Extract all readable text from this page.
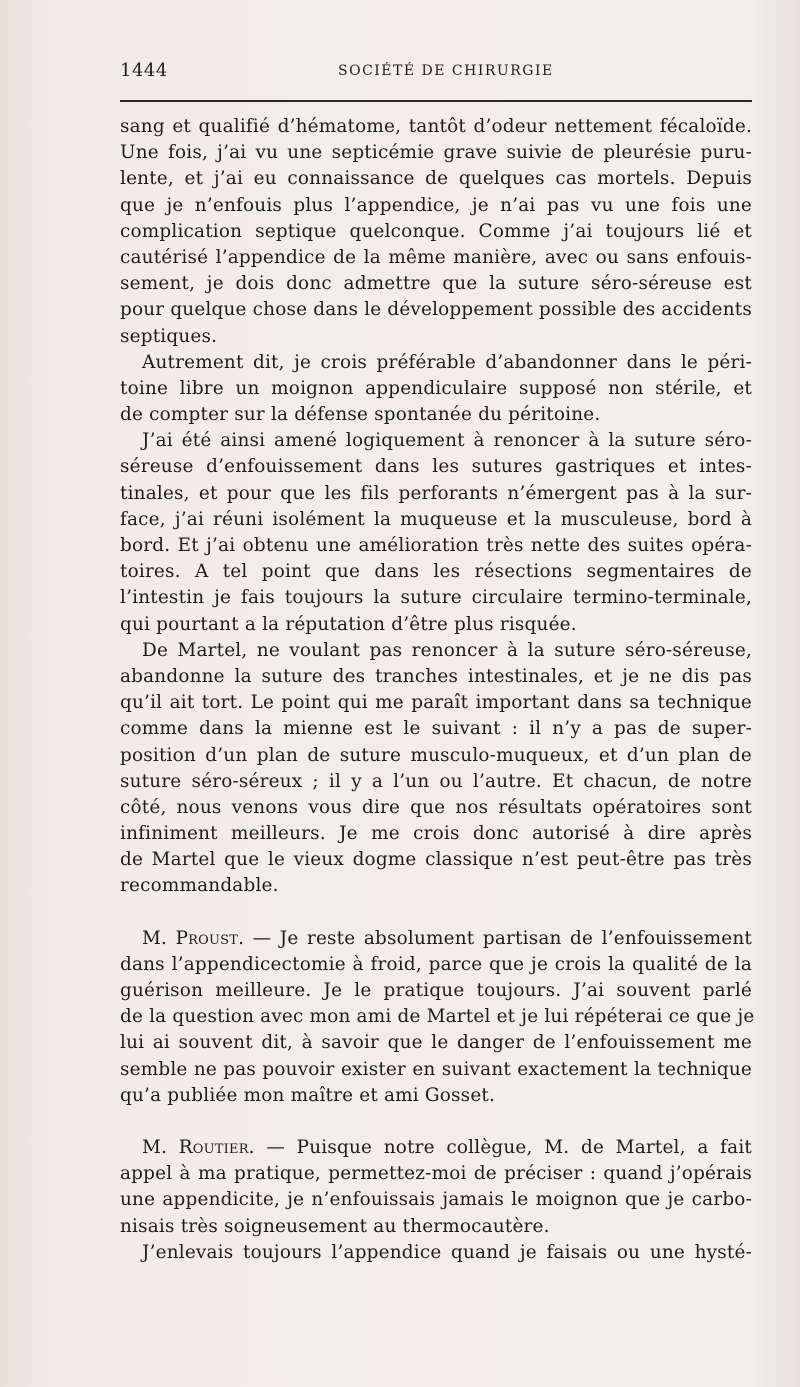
1444	SOCIÉTÉ DE CHIRURGIE
sang et qualifié d’hématome, tantôt d’odeur nettement fécaloïde.
Une fois, j’ai vu une septicémie grave suivie de pleurésie puru-
lente, et j’ai eu connaissance de quelques cas mortels. Depuis
que je n’enfouis plus l’appendice, je n’ai pas vu une fois une
complication septique quelconque. Comme j’ai toujours lié et
cautérisé l’appendice de la même manière, avec ou sans enfouis-
sement, je dois donc admettre que la suture séro-séreuse est
pour quelque chose dans le développement possible des accidents
septiques.
Autrement dit, je crois préférable d’abandonner dans le péri-
toine libre un moignon appendiculaire supposé non stérile, et
de compter sur la défense spontanée du péritoine.
J’ai été ainsi amené logiquement à renoncer à la suture séro-
séreuse d’enfouissement dans les sutures gastriques et intes-
tinales, et pour que les fils perforants n’émergent pas à la sur-
face, j’ai réuni isolément la muqueuse et la musculeuse, bord à
bord. Et j’ai obtenu une amélioration très nette des suites opéra-
toires. A tel point que dans les résections segmentaires de
l’intestin je fais toujours la suture circulaire termino-terminale,
qui pourtant a la réputation d’être plus risquée.
De Martel, ne voulant pas renoncer à la suture séro-séreuse,
abandonne la suture des tranches intestinales, et je ne dis pas
qu’il ait tort. Le point qui me paraît important dans sa technique
comme dans la mienne est le suivant : il n’y a pas de super-
position d’un plan de suture musculo-muqueux, et d’un plan de
suture séro-séreux ; il y a l’un ou l’autre. Et chacun, de notre
côté, nous venons vous dire que nos résultats opératoires sont
infiniment meilleurs. Je me crois donc autorisé à dire après
de Martel que le vieux dogme classique n’est peut-être pas très
recommandable.
M. Proust. — Je reste absolument partisan de l’enfouissement
dans l’appendicectomie à froid, parce que je crois la qualité de la
guérison meilleure. Je le pratique toujours. J’ai souvent parlé
de la question avec mon ami de Martel et je lui répéterai ce que je
lui ai souvent dit, à savoir que le danger de l’enfouissement me
semble ne pas pouvoir exister en suivant exactement la technique
qu’a publiée mon maître et ami Gosset.
M. Routier. — Puisque notre collègue, M. de Martel, a fait
appel à ma pratique, permettez-moi de préciser : quand j’opérais
une appendicite, je n’enfouissais jamais le moignon que je carbo-
nisais très soigneusement au thermocautère.
J’enlevais toujours l’appendice quand je faisais ou une hysté-
